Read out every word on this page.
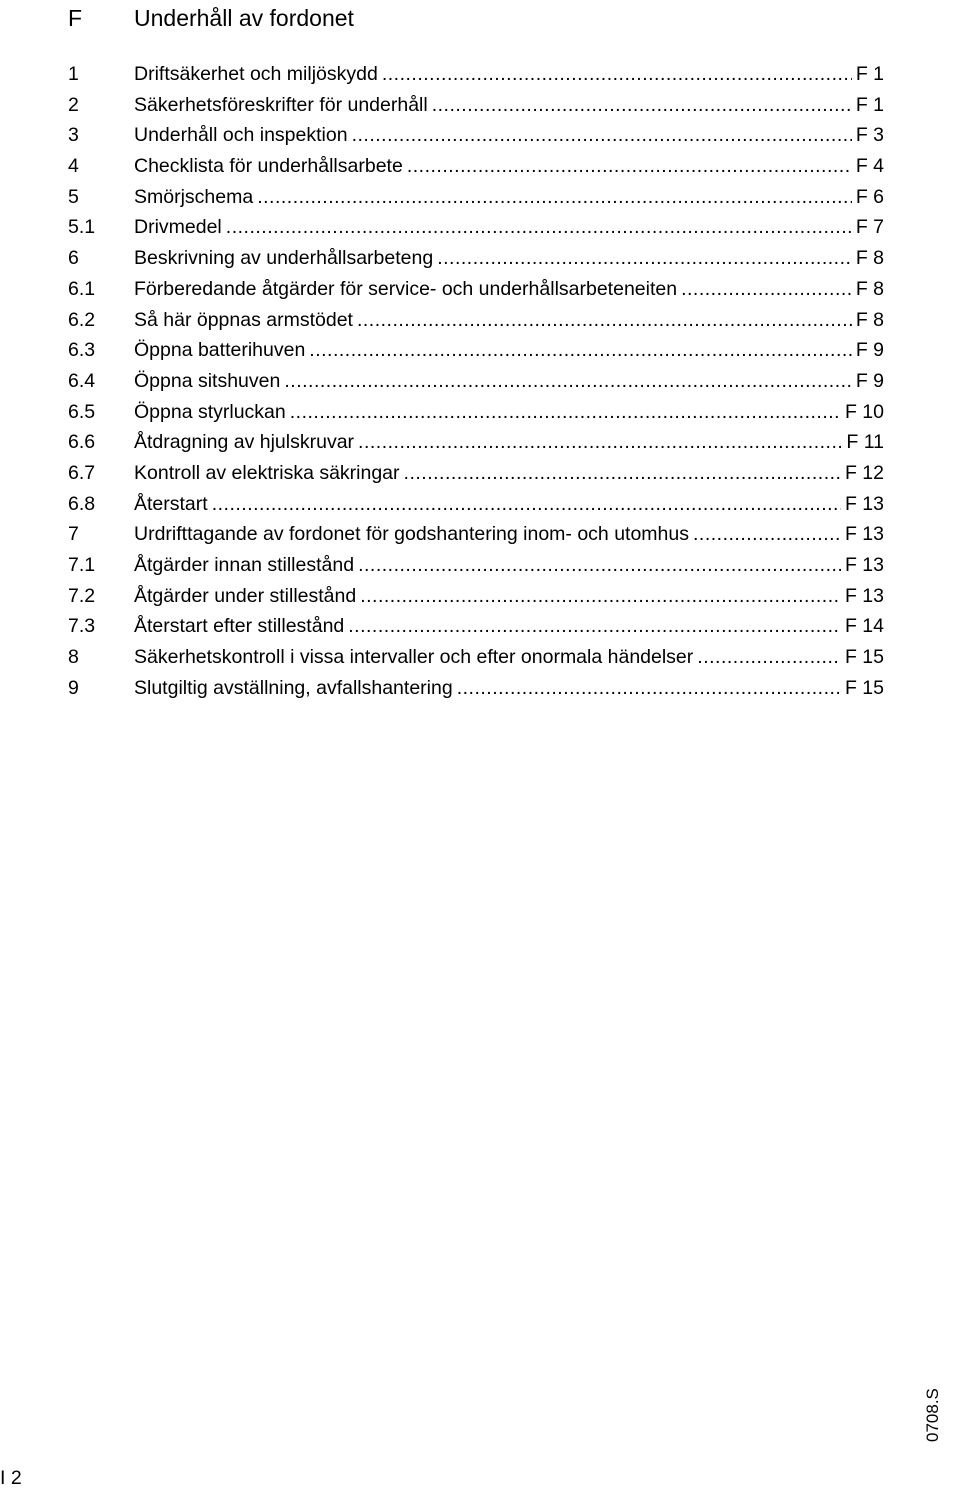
F Underhåll av fordonet
1	Driftsäkerhet och miljöskydd .....	F 1
2	Säkerhetsföreskrifter för underhåll .....	F 1
3	Underhåll och inspektion .....	F 3
4	Checklista för underhållsarbete .....	F 4
5	Smörjschema .....	F 6
5.1 Drivmedel .....	F 7
6	Beskrivning av underhållsarbeteng .....	F 8
6.1 Förberedande åtgärder för service- och underhållsarbeteneiten .....	F 8
6.2 Så här öppnas armstödet .....	F 8
6.3 Öppna batterihuven .....	F 9
6.4 Öppna sitshuven .....	F 9
6.5 Öppna styrluckan .....	F 10
6.6 Åtdragning av hjulskruvar .....	F 11
6.7 Kontroll av elektriska säkringar .....	F 12
6.8 Återstart .....	F 13
7	Urdrifttagande av fordonet för godshantering inom- och utomhus .....	F 13
7.1 Åtgärder innan stillestånd .....	F 13
7.2 Åtgärder under stillestånd .....	F 13
7.3 Återstart efter stillestånd .....	F 14
8	Säkerhetskontroll i vissa intervaller och efter onormala händelser .....	F 15
9	Slutgiltig avställning, avfallshantering .....	F 15
0708.S
I 2
